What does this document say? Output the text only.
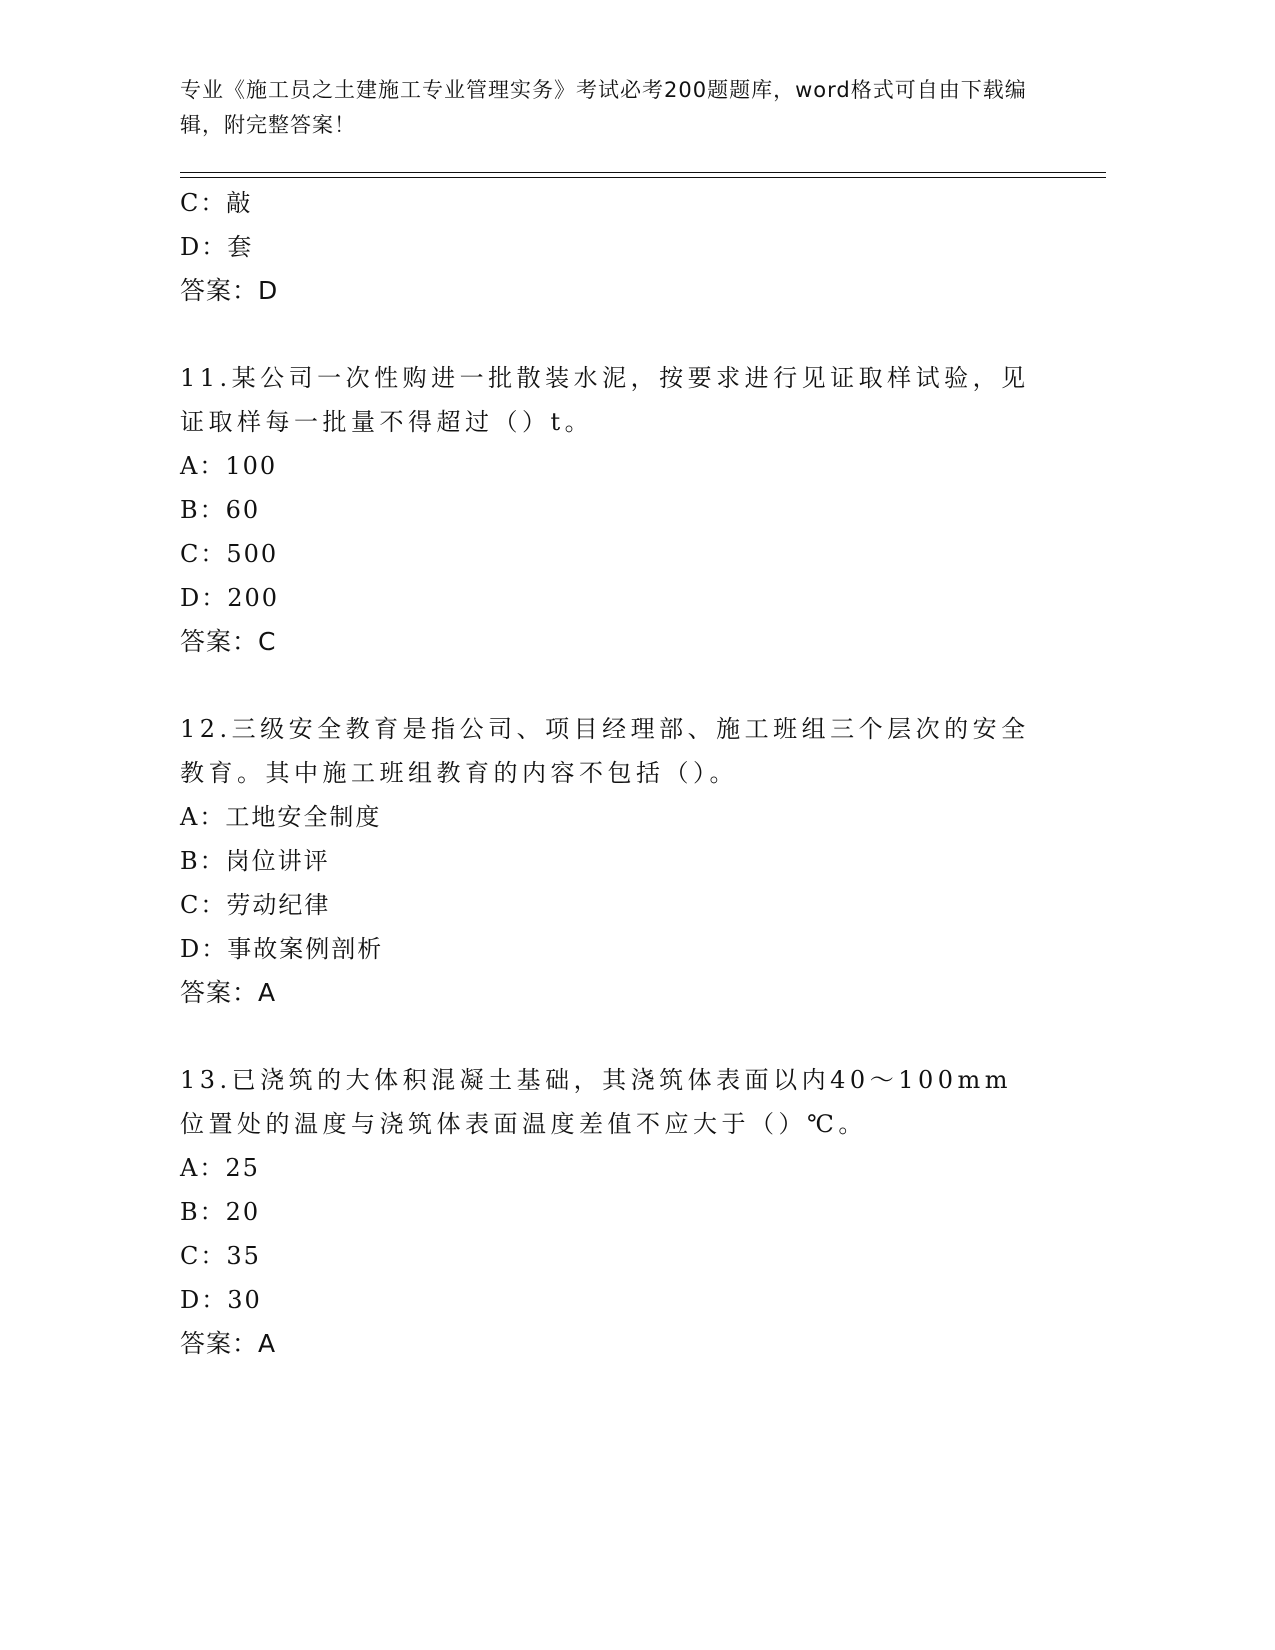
专业《施工员之土建施工专业管理实务》考试必考200题题库，word格式可自由下载编辑，附完整答案！
C：敲
D：套
答案：D
11.某公司一次性购进一批散装水泥，按要求进行见证取样试验，见证取样每一批量不得超过（）t。
A：100
B：60
C：500
D：200
答案：C
12.三级安全教育是指公司、项目经理部、施工班组三个层次的安全教育。其中施工班组教育的内容不包括（）。
A：工地安全制度
B：岗位讲评
C：劳动纪律
D：事故案例剖析
答案：A
13.已浇筑的大体积混凝土基础，其浇筑体表面以内40～100mm位置处的温度与浇筑体表面温度差值不应大于（）℃。
A：25
B：20
C：35
D：30
答案：A
